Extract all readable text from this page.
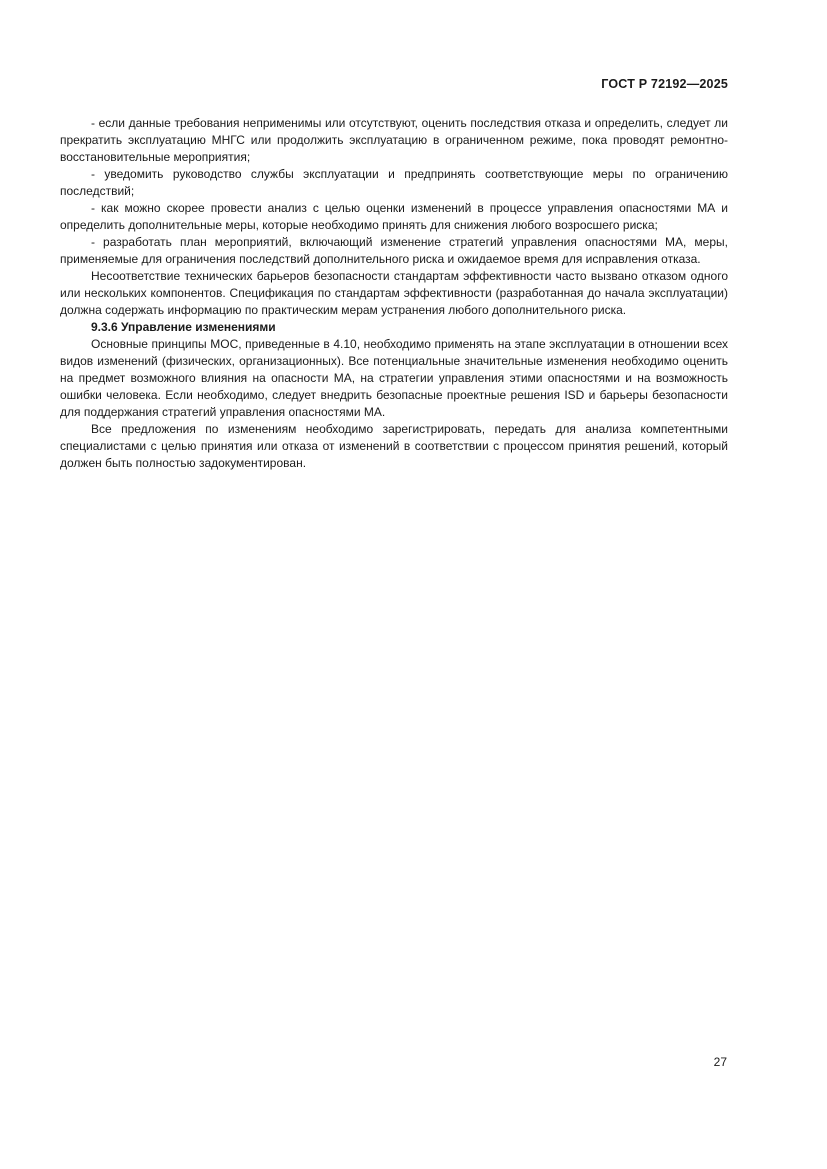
ГОСТ Р 72192—2025

- если данные требования неприменимы или отсутствуют, оценить последствия отказа и определить, следует ли прекратить эксплуатацию МНГС или продолжить эксплуатацию в ограниченном режиме, пока проводят ремонтно-восстановительные мероприятия;

- уведомить руководство службы эксплуатации и предпринять соответствующие меры по ограничению последствий;

- как можно скорее провести анализ с целью оценки изменений в процессе управления опасностями МА и определить дополнительные меры, которые необходимо принять для снижения любого возросшего риска;

- разработать план мероприятий, включающий изменение стратегий управления опасностями МА, меры, применяемые для ограничения последствий дополнительного риска и ожидаемое время для исправления отказа.

Несоответствие технических барьеров безопасности стандартам эффективности часто вызвано отказом одного или нескольких компонентов. Спецификация по стандартам эффективности (разработанная до начала эксплуатации) должна содержать информацию по практическим мерам устранения любого дополнительного риска.

9.3.6 Управление изменениями

Основные принципы МОС, приведенные в 4.10, необходимо применять на этапе эксплуатации в отношении всех видов изменений (физических, организационных). Все потенциальные значительные изменения необходимо оценить на предмет возможного влияния на опасности МА, на стратегии управления этими опасностями и на возможность ошибки человека. Если необходимо, следует внедрить безопасные проектные решения ISD и барьеры безопасности для поддержания стратегий управления опасностями МА.

Все предложения по изменениям необходимо зарегистрировать, передать для анализа компетентными специалистами с целью принятия или отказа от изменений в соответствии с процессом принятия решений, который должен быть полностью задокументирован.

27
